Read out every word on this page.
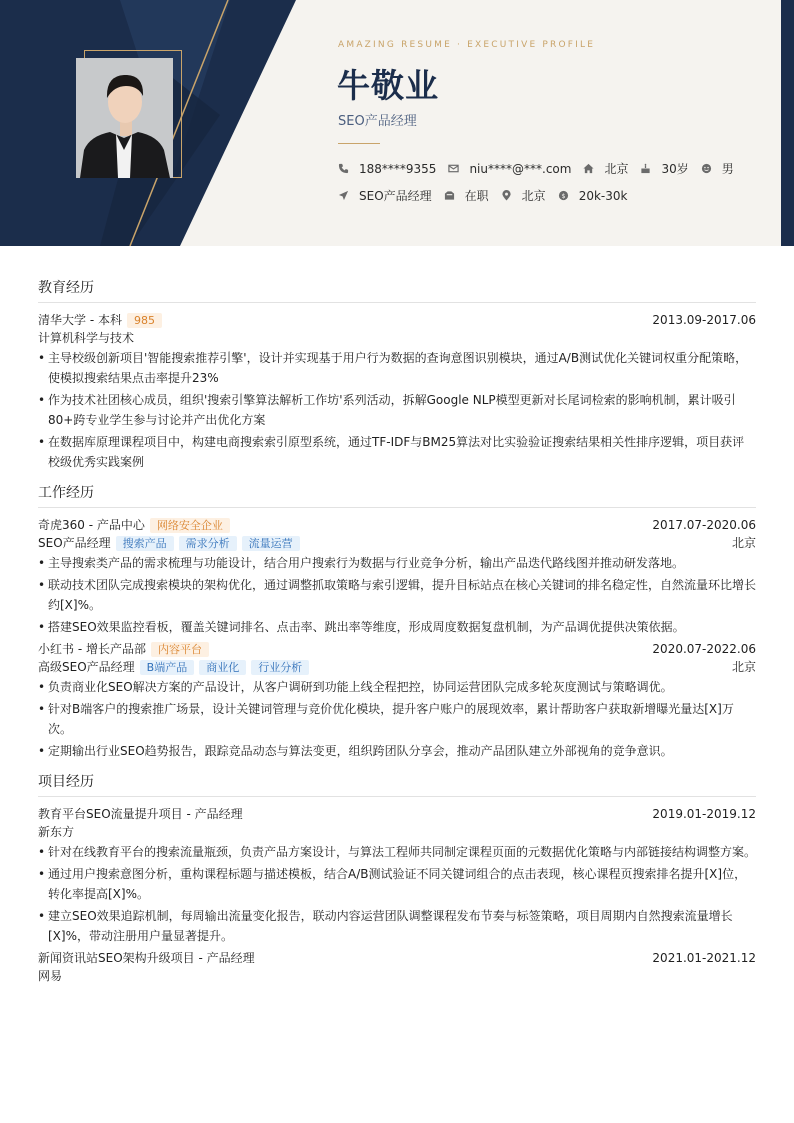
AMAZING RESUME · EXECUTIVE PROFILE
牛敬业
SEO产品经理
188****9355	niu****@***.com	北京	30岁	男
SEO产品经理	在职	北京 $ 20k-30k
教育经历
清华大学 - 本科	985	2013.09-2017.06
计算机科学与技术
• 主导校级创新项目'智能搜索推荐引擎'，设计并实现基于用户行为数据的查询意图识别模块，通过A/B测试优化关键词权重分配策略，使模拟搜索结果点击率提升23%
• 作为技术社团核心成员，组织'搜索引擎算法解析工作坊'系列活动，拆解Google NLP模型更新对长尾词检索的影响机制，累计吸引80+跨专业学生参与讨论并产出优化方案
• 在数据库原理课程项目中，构建电商搜索索引原型系统，通过TF-IDF与BM25算法对比实验验证搜索结果相关性排序逻辑，项目获评校级优秀实践案例
工作经历
奇虎360 - 产品中心	网络安全企业	2017.07-2020.06
SEO产品经理	搜索产品	需求分析	流量运营	北京
• 主导搜索类产品的需求梳理与功能设计，结合用户搜索行为数据与行业竞争分析，输出产品迭代路线图并推动研发落地。
• 联动技术团队完成搜索模块的架构优化，通过调整抓取策略与索引逻辑，提升目标站点在核心关键词的排名稳定性，自然流量环比增长约[X]%。
• 搭建SEO效果监控看板，覆盖关键词排名、点击率、跳出率等维度，形成周度数据复盘机制，为产品调优提供决策依据。
小红书 - 增长产品部	内容平台	2020.07-2022.06
高级SEO产品经理	B端产品	商业化	行业分析	北京
• 负责商业化SEO解决方案的产品设计，从客户调研到功能上线全程把控，协同运营团队完成多轮灰度测试与策略调优。
• 针对B端客户的搜索推广场景，设计关键词管理与竞价优化模块，提升客户账户的展现效率，累计帮助客户获取新增曝光量达[X]万次。
• 定期输出行业SEO趋势报告，跟踪竞品动态与算法变更，组织跨团队分享会，推动产品团队建立外部视角的竞争意识。
项目经历
教育平台SEO流量提升项目 - 产品经理	2019.01-2019.12
新东方
• 针对在线教育平台的搜索流量瓶颈，负责产品方案设计，与算法工程师共同制定课程页面的元数据优化策略与内部链接结构调整方案。
• 通过用户搜索意图分析，重构课程标题与描述模板，结合A/B测试验证不同关键词组合的点击表现，核心课程页搜索排名提升[X]位，转化率提高[X]%。
• 建立SEO效果追踪机制，每周输出流量变化报告，联动内容运营团队调整课程发布节奏与标签策略，项目周期内自然搜索流量增长[X]%，带动注册用户量显著提升。
新闻资讯站SEO架构升级项目 - 产品经理	2021.01-2021.12
网易
